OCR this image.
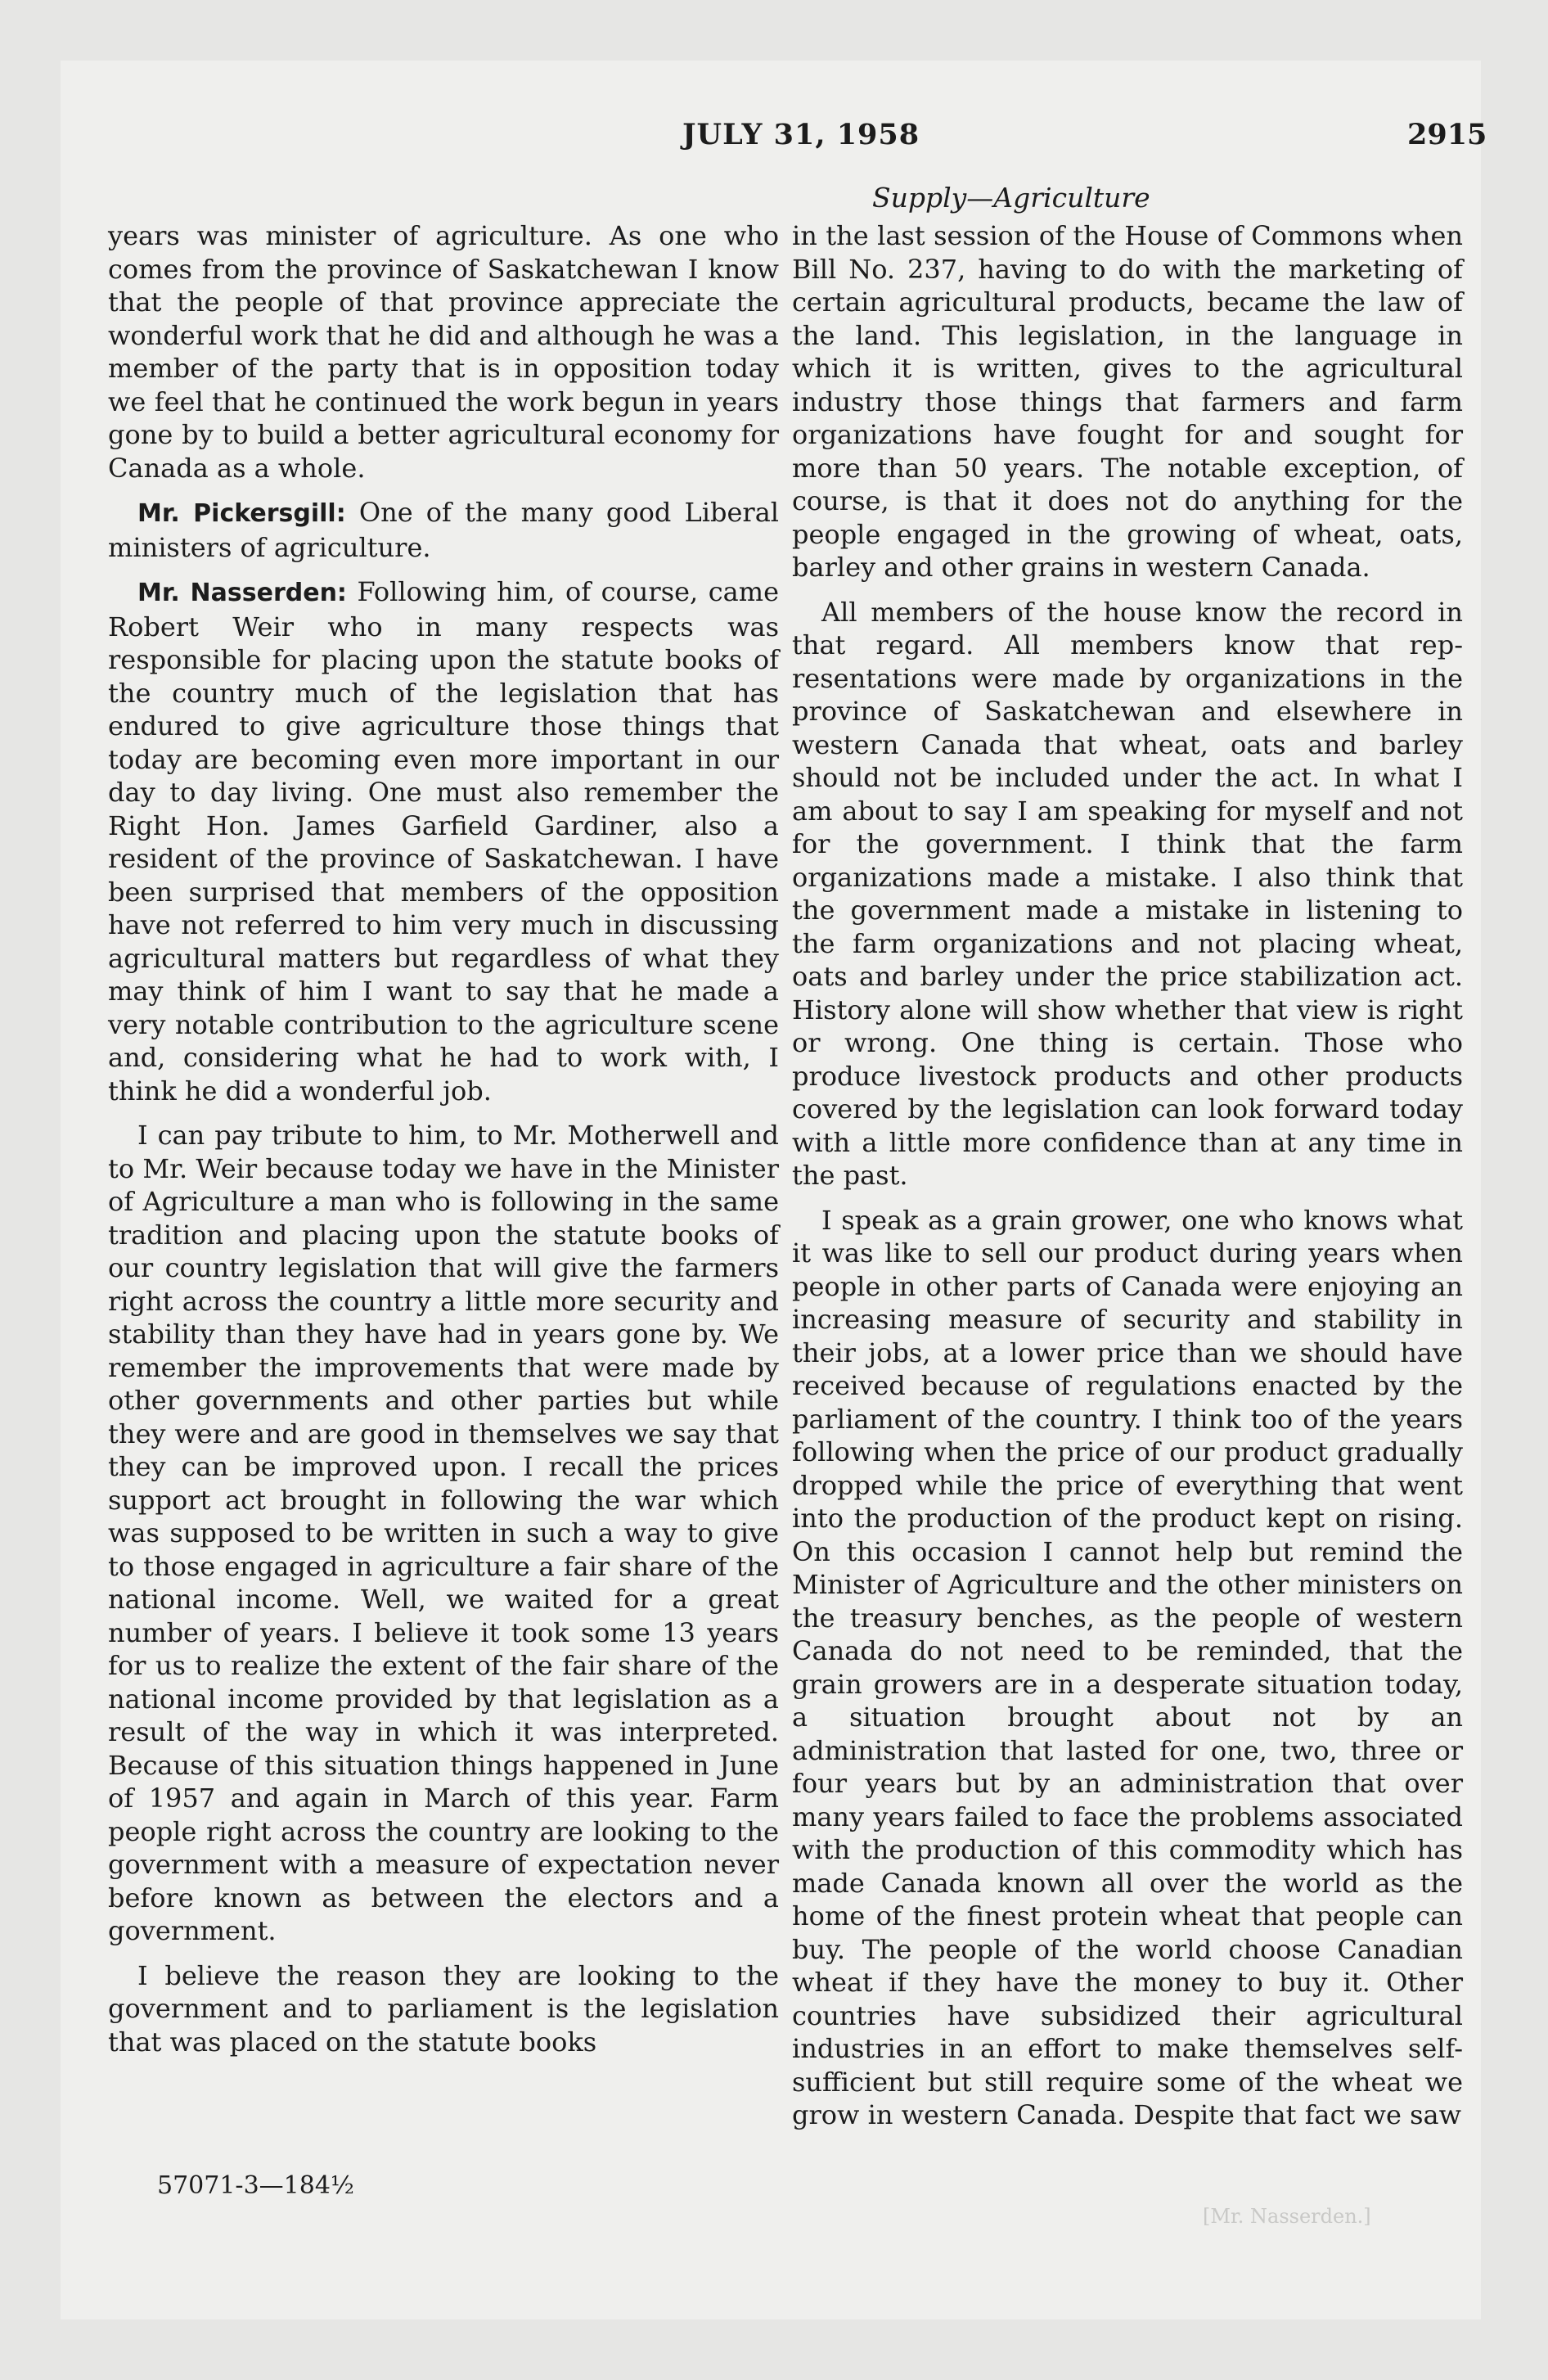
JULY 31, 1958	2915
Supply—Agriculture

years was minister of agriculture. As one who comes from the province of Saskatchewan I know that the people of that province appreciate the wonderful work that he did and although he was a member of the party that is in opposition today we feel that he continued the work begun in years gone by to build a better agricultural economy for Canada as a whole.

Mr. Pickersgill: One of the many good Liberal ministers of agriculture.

Mr. Nasserden: Following him, of course, came Robert Weir who in many respects was responsible for placing upon the statute books of the country much of the legislation that has endured to give agriculture those things that today are becoming even more important in our day to day living. One must also remember the Right Hon. James Garfield Gardiner, also a resident of the province of Saskatchewan. I have been surprised that members of the opposition have not referred to him very much in discussing agricultural matters but regardless of what they may think of him I want to say that he made a very notable contribution to the agriculture scene and, considering what he had to work with, I think he did a wonderful job.

I can pay tribute to him, to Mr. Motherwell and to Mr. Weir because today we have in the Minister of Agriculture a man who is following in the same tradition and placing upon the statute books of our country legislation that will give the farmers right across the country a little more security and stability than they have had in years gone by. We remember the improvements that were made by other governments and other parties but while they were and are good in themselves we say that they can be improved upon. I recall the prices support act brought in following the war which was supposed to be written in such a way to give to those engaged in agriculture a fair share of the national income. Well, we waited for a great number of years. I believe it took some 13 years for us to realize the extent of the fair share of the national income provided by that legislation as a result of the way in which it was interpreted. Because of this situation things happened in June of 1957 and again in March of this year. Farm people right across the country are looking to the government with a measure of expectation never before known as between the electors and a government.

I believe the reason they are looking to the government and to parliament is the legislation that was placed on the statute books

in the last session of the House of Commons when Bill No. 237, having to do with the marketing of certain agricultural products, became the law of the land. This legislation, in the language in which it is written, gives to the agricultural industry those things that farmers and farm organizations have fought for and sought for more than 50 years. The notable exception, of course, is that it does not do anything for the people engaged in the growing of wheat, oats, barley and other grains in western Canada.

All members of the house know the record in that regard. All members know that representations were made by organizations in the province of Saskatchewan and elsewhere in western Canada that wheat, oats and barley should not be included under the act. In what I am about to say I am speaking for myself and not for the government. I think that the farm organizations made a mistake. I also think that the government made a mistake in listening to the farm organizations and not placing wheat, oats and barley under the price stabilization act. History alone will show whether that view is right or wrong. One thing is certain. Those who produce livestock products and other products covered by the legislation can look forward today with a little more confidence than at any time in the past.

I speak as a grain grower, one who knows what it was like to sell our product during years when people in other parts of Canada were enjoying an increasing measure of security and stability in their jobs, at a lower price than we should have received because of regulations enacted by the parliament of the country. I think too of the years following when the price of our product gradually dropped while the price of everything that went into the production of the product kept on rising. On this occasion I cannot help but remind the Minister of Agriculture and the other ministers on the treasury benches, as the people of western Canada do not need to be reminded, that the grain growers are in a desperate situation today, a situation brought about not by an administration that lasted for one, two, three or four years but by an administration that over many years failed to face the problems associated with the production of this commodity which has made Canada known all over the world as the home of the finest protein wheat that people can buy. The people of the world choose Canadian wheat if they have the money to buy it. Other countries have subsidized their agricultural industries in an effort to make themselves self-sufficient but still require some of the wheat we grow in western Canada. Despite that fact we saw

57071-3—184½
[Mr. Nasserden.]
